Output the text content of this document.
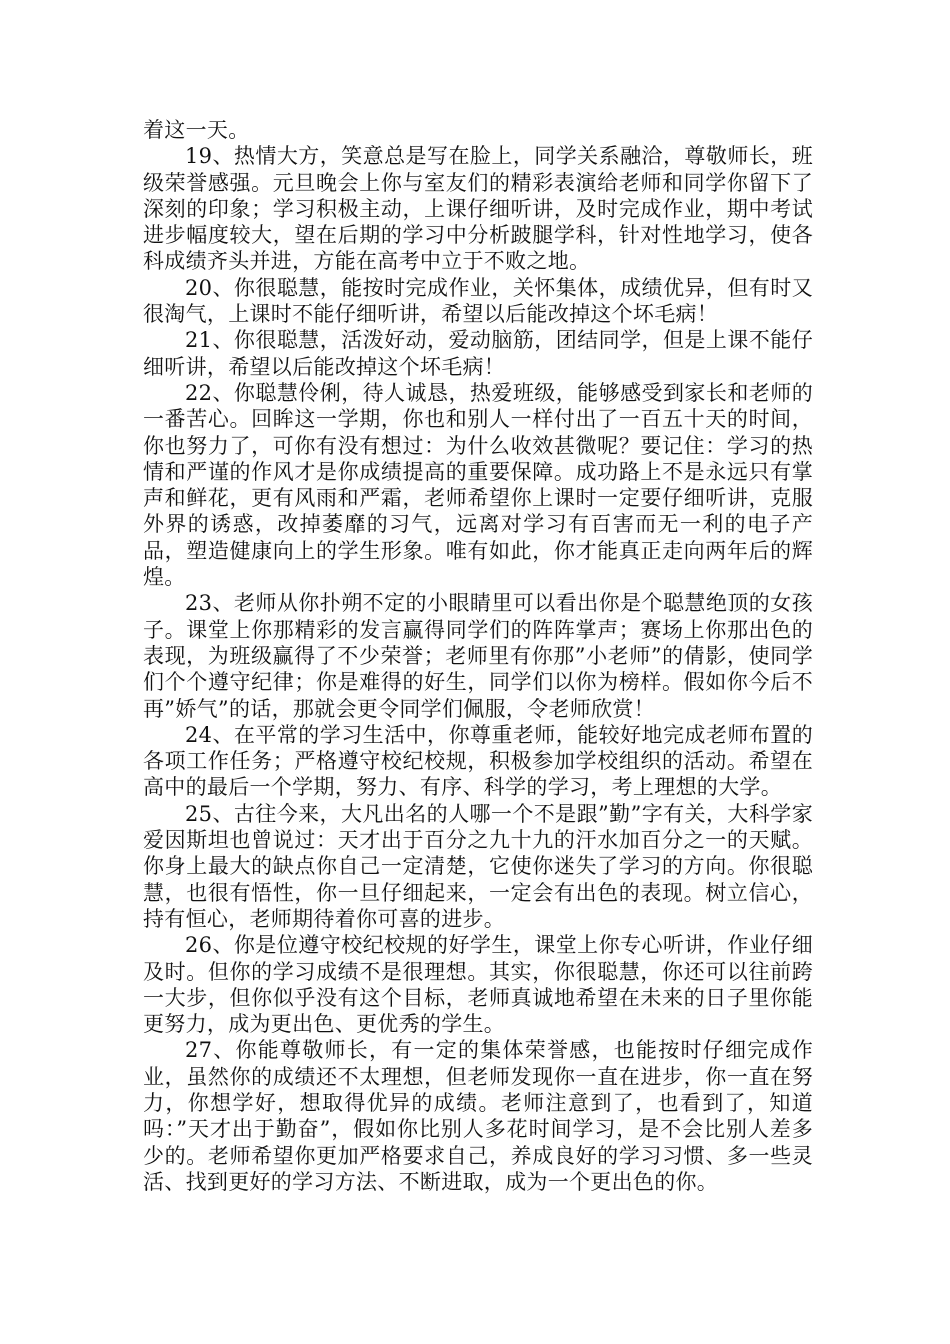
着这一天。

19、热情大方，笑意总是写在脸上，同学关系融洽，尊敬师长，班级荣誉感强。元旦晚会上你与室友们的精彩表演给老师和同学你留下了深刻的印象；学习积极主动，上课仔细听讲，及时完成作业，期中考试进步幅度较大，望在后期的学习中分析跛腿学科，针对性地学习，使各科成绩齐头并进，方能在高考中立于不败之地。

20、你很聪慧，能按时完成作业，关怀集体，成绩优异，但有时又很淘气，上课时不能仔细听讲，希望以后能改掉这个坏毛病！

21、你很聪慧，活泼好动，爱动脑筋，团结同学，但是上课不能仔细听讲，希望以后能改掉这个坏毛病！

22、你聪慧伶俐，待人诚恳，热爱班级，能够感受到家长和老师的一番苦心。回眸这一学期，你也和别人一样付出了一百五十天的时间，你也努力了，可你有没有想过：为什么收效甚微呢？要记住：学习的热情和严谨的作风才是你成绩提高的重要保障。成功路上不是永远只有掌声和鲜花，更有风雨和严霜，老师希望你上课时一定要仔细听讲，克服外界的诱惑，改掉萎靡的习气，远离对学习有百害而无一利的电子产品，塑造健康向上的学生形象。唯有如此，你才能真正走向两年后的辉煌。

23、老师从你扑朔不定的小眼睛里可以看出你是个聪慧绝顶的女孩子。课堂上你那精彩的发言赢得同学们的阵阵掌声；赛场上你那出色的表现，为班级赢得了不少荣誉；老师里有你那”小老师”的倩影，使同学们个个遵守纪律；你是难得的好生，同学们以你为榜样。假如你今后不再”娇气”的话，那就会更令同学们佩服，令老师欣赏！

24、在平常的学习生活中，你尊重老师，能较好地完成老师布置的各项工作任务；严格遵守校纪校规，积极参加学校组织的活动。希望在高中的最后一个学期，努力、有序、科学的学习，考上理想的大学。

25、古往今来，大凡出名的人哪一个不是跟”勤”字有关，大科学家爱因斯坦也曾说过：天才出于百分之九十九的汗水加百分之一的天赋。你身上最大的缺点你自己一定清楚，它使你迷失了学习的方向。你很聪慧，也很有悟性，你一旦仔细起来，一定会有出色的表现。树立信心，持有恒心，老师期待着你可喜的进步。

26、你是位遵守校纪校规的好学生，课堂上你专心听讲，作业仔细及时。但你的学习成绩不是很理想。其实，你很聪慧，你还可以往前跨一大步，但你似乎没有这个目标，老师真诚地希望在未来的日子里你能更努力，成为更出色、更优秀的学生。

27、你能尊敬师长，有一定的集体荣誉感，也能按时仔细完成作业，虽然你的成绩还不太理想，但老师发现你一直在进步，你一直在努力，你想学好，想取得优异的成绩。老师注意到了，也看到了，知道吗：”天才出于勤奋”，假如你比别人多花时间学习，是不会比别人差多少的。老师希望你更加严格要求自己，养成良好的学习习惯、多一些灵活、找到更好的学习方法、不断进取，成为一个更出色的你。
